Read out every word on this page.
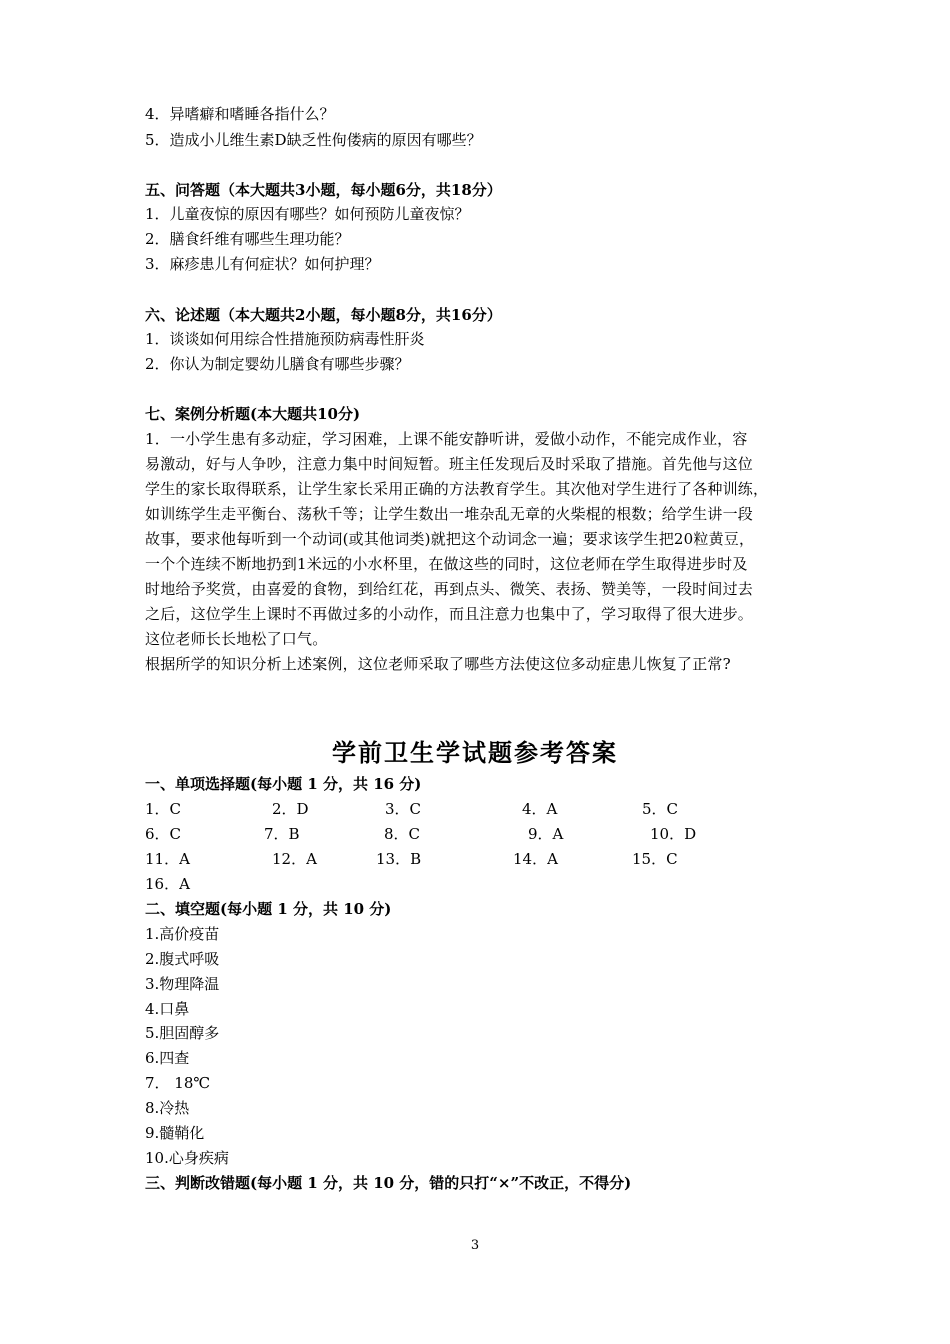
4．异嗜癖和嗜睡各指什么？
5．造成小儿维生素D缺乏性佝偻病的原因有哪些？
五、问答题（本大题共3小题，每小题6分，共18分）
1．儿童夜惊的原因有哪些？如何预防儿童夜惊？
2．膳食纤维有哪些生理功能？
3．麻疹患儿有何症状？如何护理？
六、论述题（本大题共2小题，每小题8分，共16分）
1．谈谈如何用综合性措施预防病毒性肝炎
2．你认为制定婴幼儿膳食有哪些步骤？
七、案例分析题(本大题共10分)
1．一小学生患有多动症，学习困难，上课不能安静听讲，爱做小动作，不能完成作业，容
易激动，好与人争吵，注意力集中时间短暂。班主任发现后及时采取了措施。首先他与这位
学生的家长取得联系，让学生家长采用正确的方法教育学生。其次他对学生进行了各种训练，
如训练学生走平衡台、荡秋千等；让学生数出一堆杂乱无章的火柴棍的根数；给学生讲一段
故事，要求他每听到一个动词(或其他词类)就把这个动词念一遍；要求该学生把20粒黄豆，
一个个连续不断地扔到1米远的小水杯里，在做这些的同时，这位老师在学生取得进步时及
时地给予奖赏，由喜爱的食物，到给红花，再到点头、微笑、表扬、赞美等，一段时间过去
之后，这位学生上课时不再做过多的小动作，而且注意力也集中了，学习取得了很大进步。
这位老师长长地松了口气。
根据所学的知识分析上述案例，这位老师采取了哪些方法使这位多动症患儿恢复了正常?
学前卫生学试题参考答案
一、单项选择题(每小题 1 分，共 16 分)
1．C	2．D	3．C	4．A	5．C
6．C	7．B	8．C	9．A	10．D
11．A	12．A	13．B	14．A	15．C
16．A
二、填空题(每小题 1 分，共 10 分)
1.高价疫苗
2.腹式呼吸
3.物理降温
4.口鼻
5.胆固醇多
6.四查
7． 18℃
8.冷热
9.髓鞘化
10.心身疾病
三、判断改错题(每小题 1 分，共 10 分，错的只打“×”不改正，不得分)
3
